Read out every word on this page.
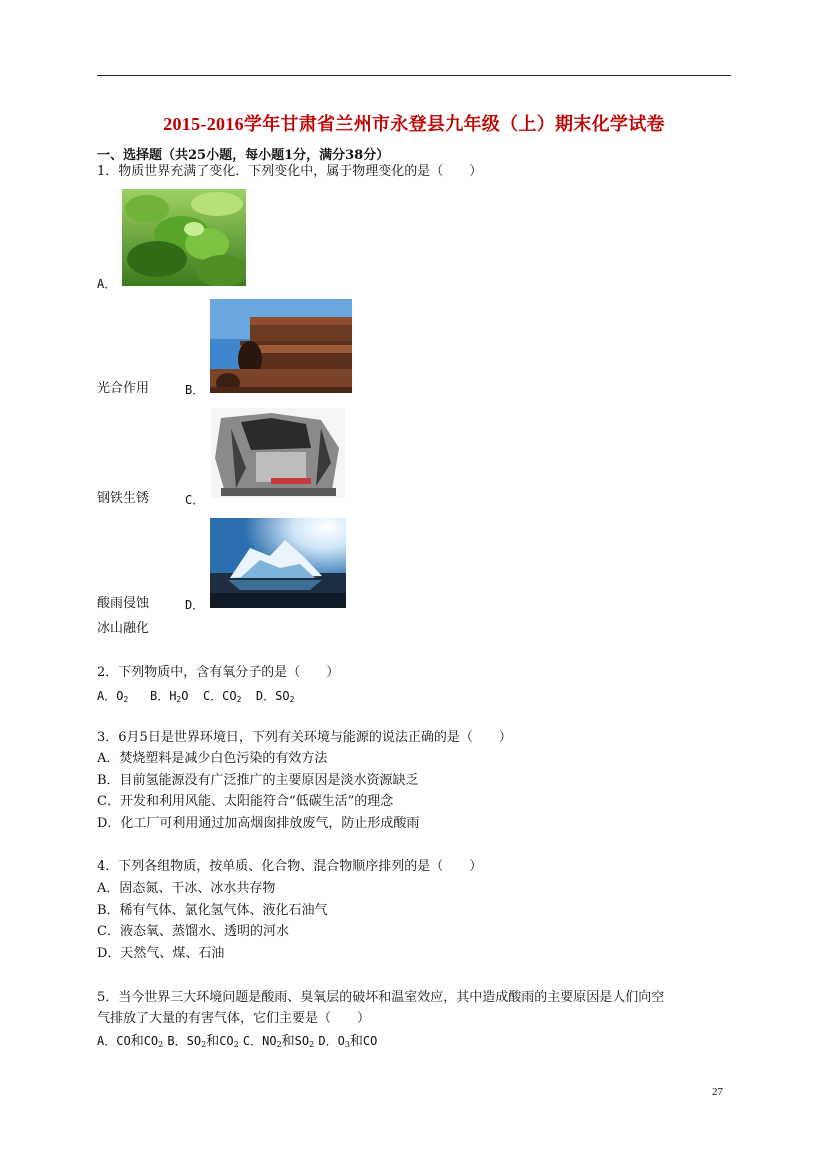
2015-2016学年甘肃省兰州市永登县九年级（上）期末化学试卷
一、选择题（共25小题，每小题1分，满分38分）
1．物质世界充满了变化．下列变化中，属于物理变化的是（　　）
A．
光合作用	B．
钢铁生锈	C．
酸雨侵蚀	D．
冰山融化
2．下列物质中，含有氧分子的是（　　）
A．$O_2$ B．$H_2O$ C．$CO_2$ D．$SO_2$
3．6月5日是世界环境日，下列有关环境与能源的说法正确的是（　　）
A．焚烧塑料是减少白色污染的有效方法
B．目前氢能源没有广泛推广的主要原因是淡水资源缺乏
C．开发和利用风能、太阳能符合“低碳生活”的理念
D．化工厂可利用通过加高烟囱排放废气，防止形成酸雨
4．下列各组物质，按单质、化合物、混合物顺序排列的是（　　）
A．固态氮、干冰、冰水共存物
B．稀有气体、氯化氢气体、液化石油气
C．液态氧、蒸馏水、透明的河水
D．天然气、煤、石油
5．当今世界三大环境问题是酸雨、臭氧层的破坏和温室效应，其中造成酸雨的主要原因是人们向空
气排放了大量的有害气体，它们主要是（　　）
A．CO和$CO_2$ B．$SO_2$和$CO_2$ C．$NO_2$和$SO_2$ D．$O_3$和CO
27
